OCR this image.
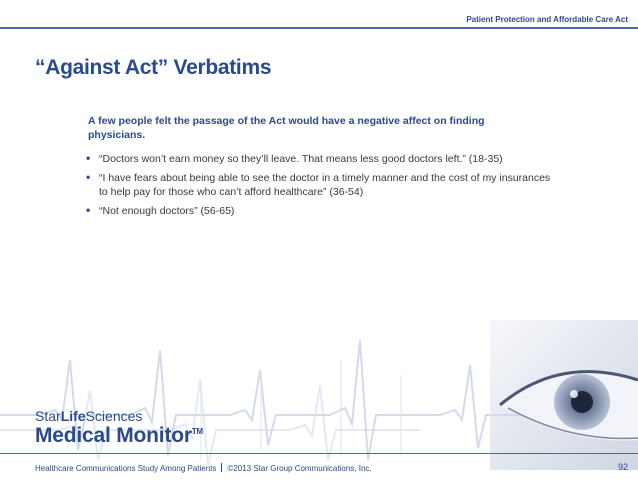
Patient Protection and Affordable Care Act
“Against Act” Verbatims
A few people felt the passage of the Act would have a negative affect on finding physicians.
• “Doctors won’t earn money so they’ll leave. That means less good doctors left.” (18-35)
• “I have fears about being able to see the doctor in a timely manner and the cost of my insurances to help pay for those who can’t afford healthcare” (36-54)
• “Not enough doctors” (56-65)
StarLifeSciences
Medical Monitor™
Healthcare Communications Study Among Patients ©2013 Star Group Communications, Inc.	92
